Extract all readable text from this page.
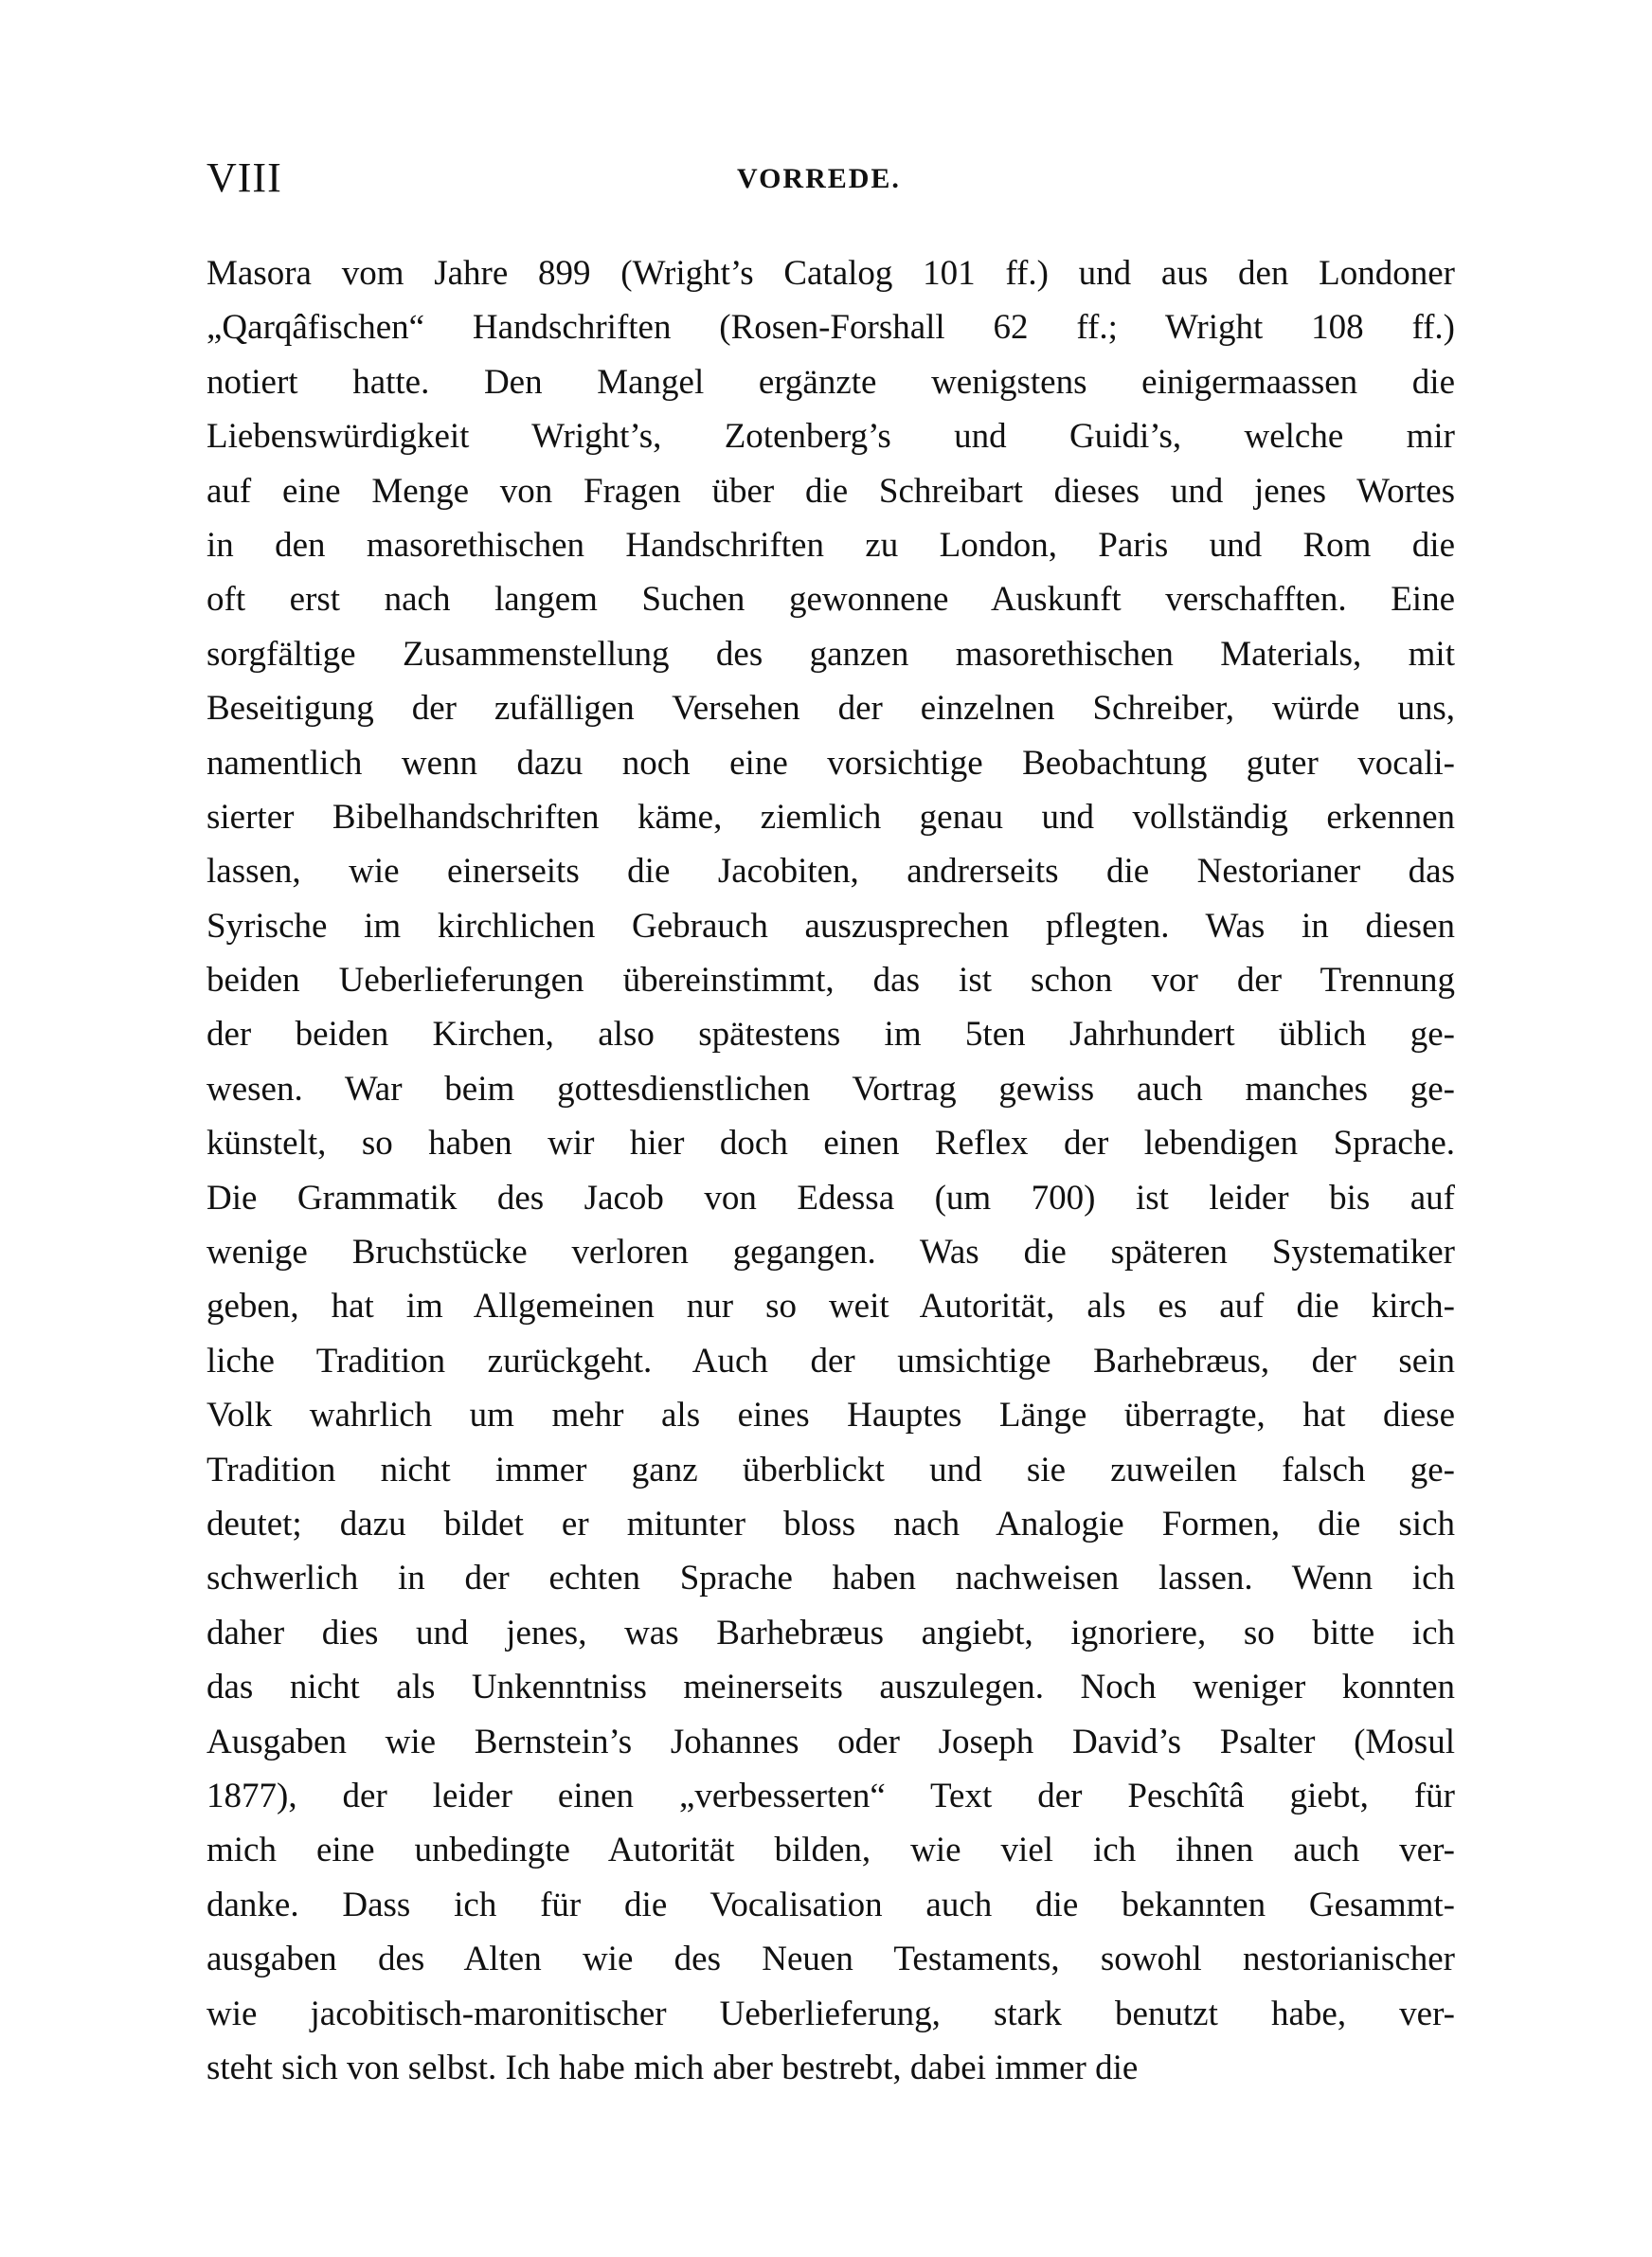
VIII	VORREDE.
Masora vom Jahre 899 (Wright’s Catalog 101 ff.) und aus den Londoner
„Qarqâfischen“ Handschriften (Rosen-Forshall 62 ff.; Wright 108 ff.)
notiert hatte. Den Mangel ergänzte wenigstens einigermaassen die
Liebenswürdigkeit Wright’s, Zotenberg’s und Guidi’s, welche mir
auf eine Menge von Fragen über die Schreibart dieses und jenes Wortes
in den masorethischen Handschriften zu London, Paris und Rom die
oft erst nach langem Suchen gewonnene Auskunft verschafften. Eine
sorgfältige Zusammenstellung des ganzen masorethischen Materials, mit
Beseitigung der zufälligen Versehen der einzelnen Schreiber, würde uns,
namentlich wenn dazu noch eine vorsichtige Beobachtung guter vocali-
sierter Bibelhandschriften käme, ziemlich genau und vollständig erkennen
lassen, wie einerseits die Jacobiten, andrerseits die Nestorianer das
Syrische im kirchlichen Gebrauch auszusprechen pflegten. Was in diesen
beiden Ueberlieferungen übereinstimmt, das ist schon vor der Trennung
der beiden Kirchen, also spätestens im 5ten Jahrhundert üblich ge-
wesen. War beim gottesdienstlichen Vortrag gewiss auch manches ge-
künstelt, so haben wir hier doch einen Reflex der lebendigen Sprache.
Die Grammatik des Jacob von Edessa (um 700) ist leider bis auf
wenige Bruchstücke verloren gegangen. Was die späteren Systematiker
geben, hat im Allgemeinen nur so weit Autorität, als es auf die kirch-
liche Tradition zurückgeht. Auch der umsichtige Barhebræus, der sein
Volk wahrlich um mehr als eines Hauptes Länge überragte, hat diese
Tradition nicht immer ganz überblickt und sie zuweilen falsch ge-
deutet; dazu bildet er mitunter bloss nach Analogie Formen, die sich
schwerlich in der echten Sprache haben nachweisen lassen. Wenn ich
daher dies und jenes, was Barhebræus angiebt, ignoriere, so bitte ich
das nicht als Unkenntniss meinerseits auszulegen. Noch weniger konnten
Ausgaben wie Bernstein’s Johannes oder Joseph David’s Psalter (Mosul
1877), der leider einen „verbesserten“ Text der Peschîtâ giebt, für
mich eine unbedingte Autorität bilden, wie viel ich ihnen auch ver-
danke. Dass ich für die Vocalisation auch die bekannten Gesammt-
ausgaben des Alten wie des Neuen Testaments, sowohl nestorianischer
wie jacobitisch-maronitischer Ueberlieferung, stark benutzt habe, ver-
steht sich von selbst. Ich habe mich aber bestrebt, dabei immer die
